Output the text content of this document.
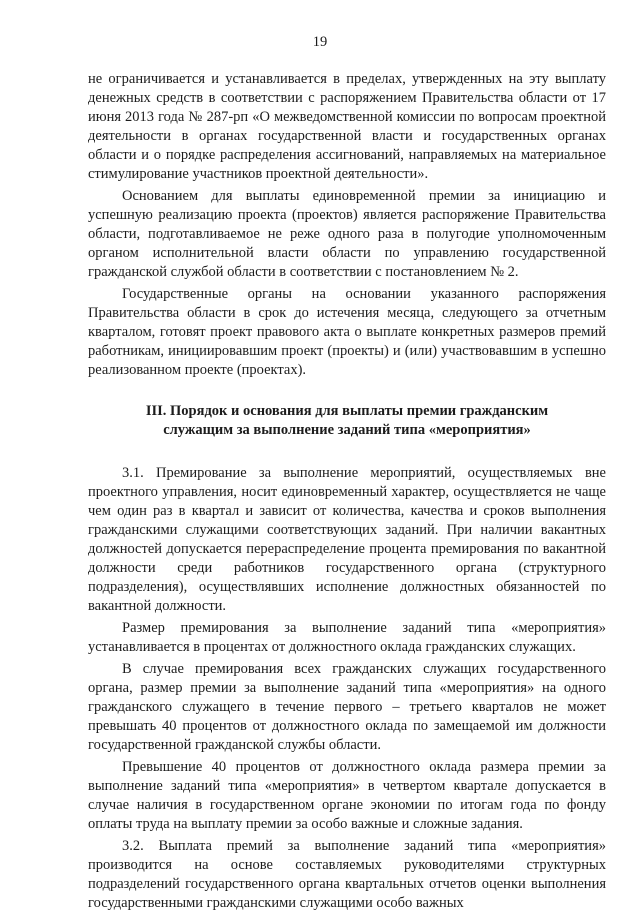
19

не ограничивается и устанавливается в пределах, утвержденных на эту выплату денежных средств в соответствии с распоряжением Правительства области от 17 июня 2013 года № 287-рп «О межведомственной комиссии по вопросам проектной деятельности в органах государственной власти и государственных органах области и о порядке распределения ассигнований, направляемых на материальное стимулирование участников проектной деятельности».

Основанием для выплаты единовременной премии за инициацию и успешную реализацию проекта (проектов) является распоряжение Правительства области, подготавливаемое не реже одного раза в полугодие уполномоченным органом исполнительной власти области по управлению государственной гражданской службой области в соответствии с постановлением № 2.

Государственные органы на основании указанного распоряжения Правительства области в срок до истечения месяца, следующего за отчетным кварталом, готовят проект правового акта о выплате конкретных размеров премий работникам, инициировавшим проект (проекты) и (или) участвовавшим в успешно реализованном проекте (проектах).

III. Порядок и основания для выплаты премии гражданским
служащим за выполнение заданий типа «мероприятия»

3.1. Премирование за выполнение мероприятий, осуществляемых вне проектного управления, носит единовременный характер, осуществляется не чаще чем один раз в квартал и зависит от количества, качества и сроков выполнения гражданскими служащими соответствующих заданий. При наличии вакантных должностей допускается перераспределение процента премирования по вакантной должности среди работников государственного органа (структурного подразделения), осуществлявших исполнение должностных обязанностей по вакантной должности.

Размер премирования за выполнение заданий типа «мероприятия» устанавливается в процентах от должностного оклада гражданских служащих.

В случае премирования всех гражданских служащих государственного органа, размер премии за выполнение заданий типа «мероприятия» на одного гражданского служащего в течение первого – третьего кварталов не может превышать 40 процентов от должностного оклада по замещаемой им должности государственной гражданской службы области.

Превышение 40 процентов от должностного оклада размера премии за выполнение заданий типа «мероприятия» в четвертом квартале допускается в случае наличия в государственном органе экономии по итогам года по фонду оплаты труда на выплату премии за особо важные и сложные задания.

3.2. Выплата премий за выполнение заданий типа «мероприятия» производится на основе составляемых руководителями структурных подразделений государственного органа квартальных отчетов оценки выполнения государственными гражданскими служащими особо важных
